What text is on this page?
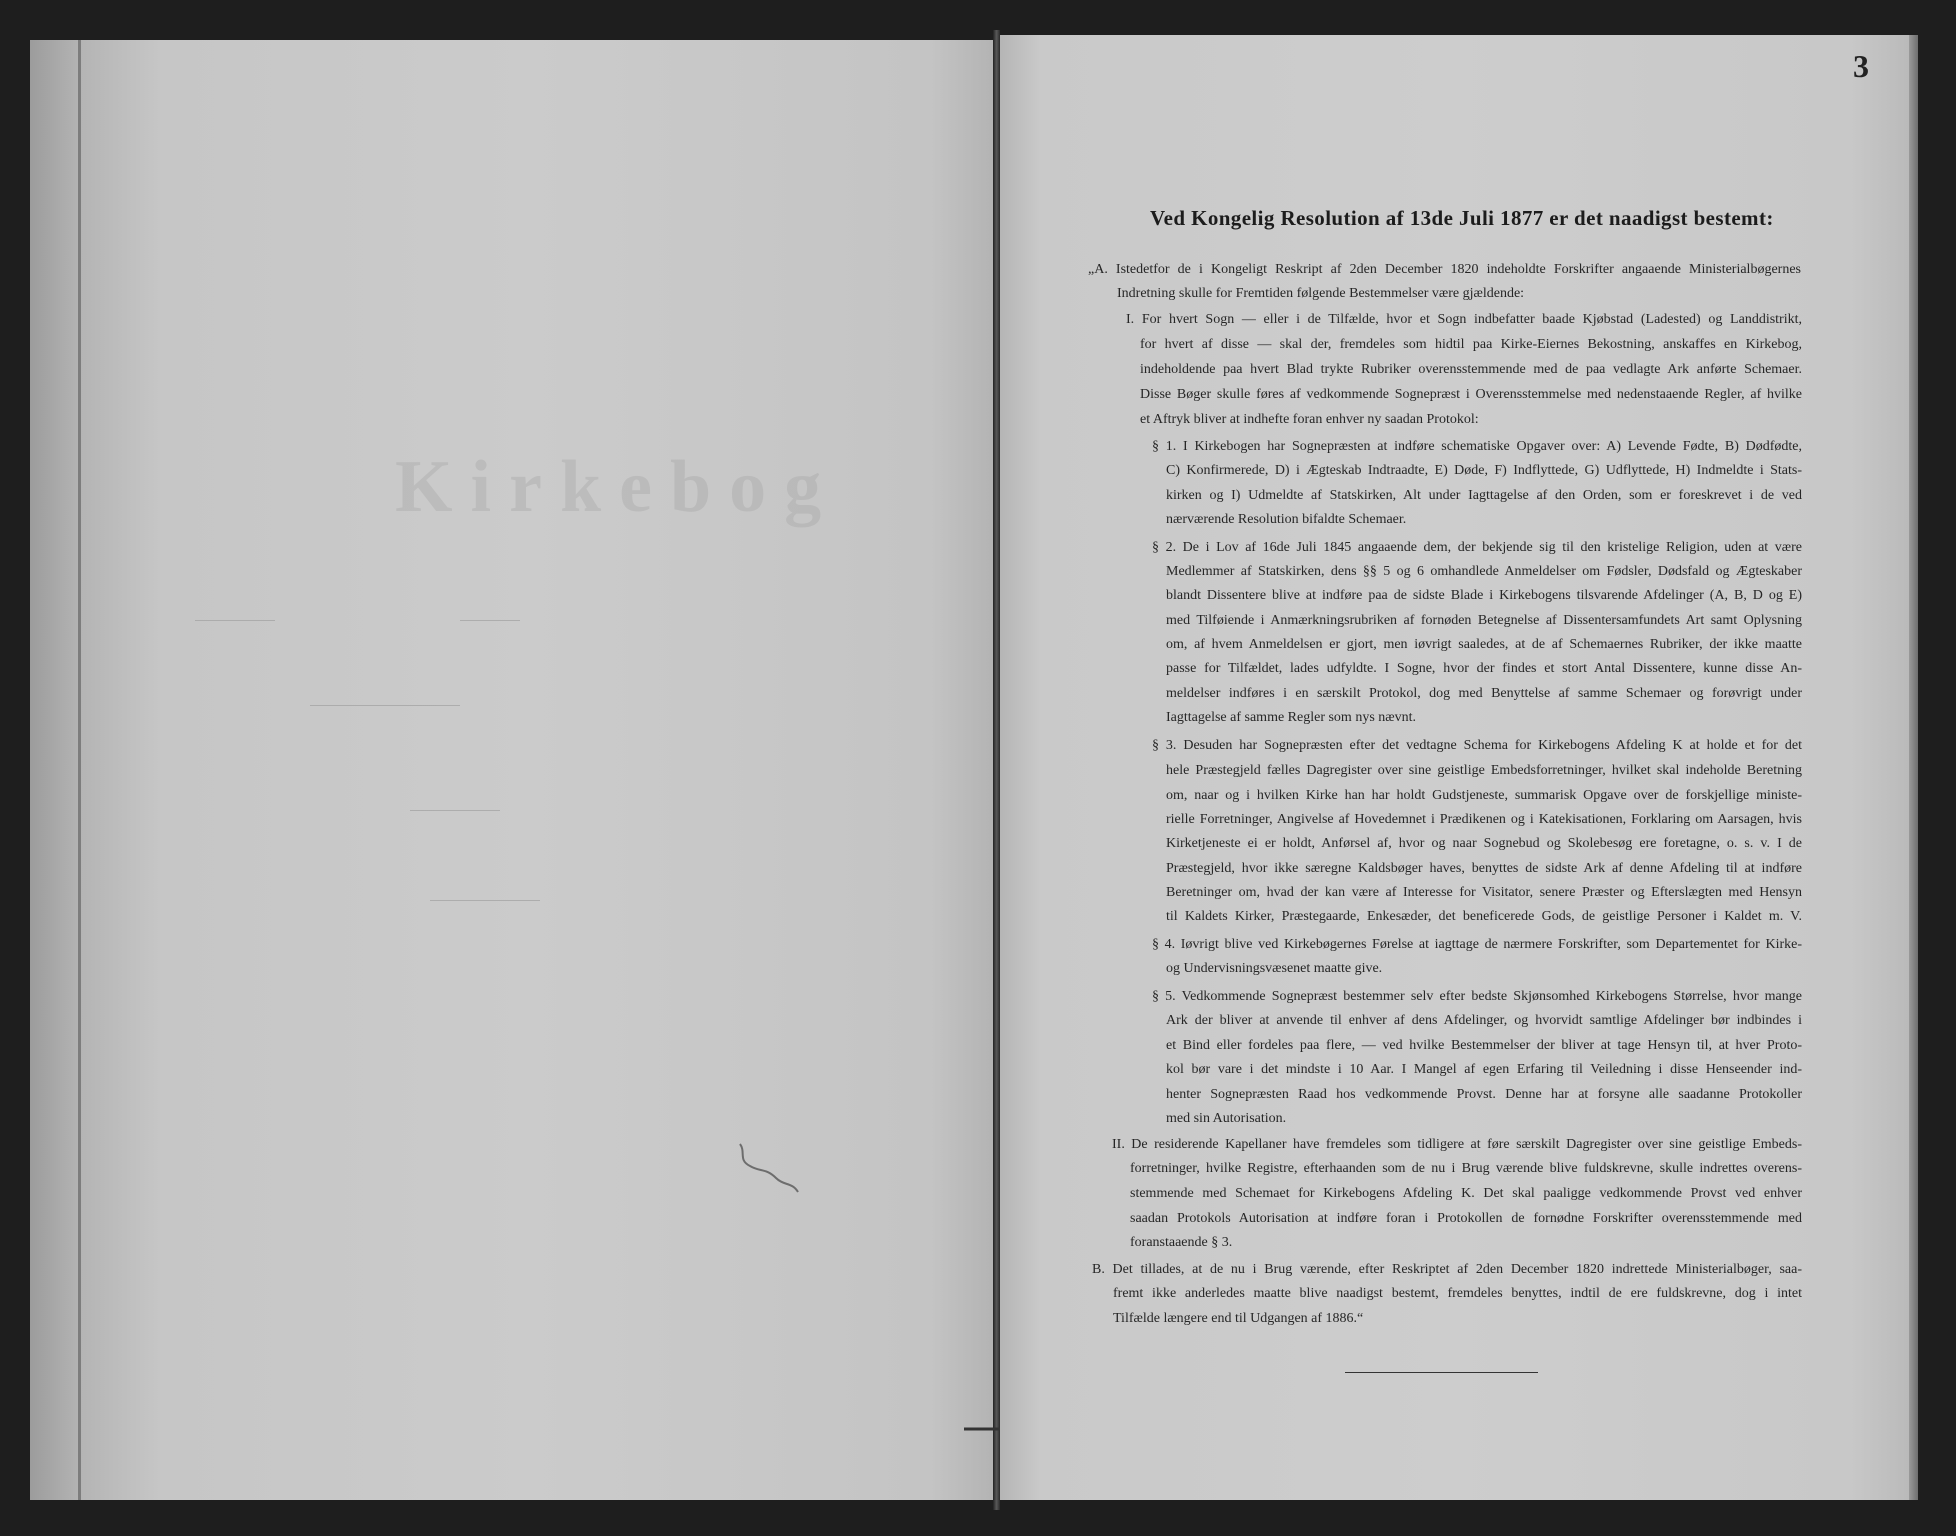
Kirkebog
3
Ved Kongelig Resolution af 13de Juli 1877 er det naadigst bestemt:
„A. Istedetfor de i Kongeligt Reskript af 2den December 1820 indeholdte Forskrifter angaaende Ministerialbøgernes
Indretning skulle for Fremtiden følgende Bestemmelser være gjældende:
I. For hvert Sogn — eller i de Tilfælde, hvor et Sogn indbefatter baade Kjøbstad (Ladested) og Landdistrikt,
for hvert af disse — skal der, fremdeles som hidtil paa Kirke-Eiernes Bekostning, anskaffes en Kirkebog,
indeholdende paa hvert Blad trykte Rubriker overensstemmende med de paa vedlagte Ark anførte Schemaer.
Disse Bøger skulle føres af vedkommende Sognepræst i Overensstemmelse med nedenstaaende Regler, af hvilke
et Aftryk bliver at indhefte foran enhver ny saadan Protokol:
§ 1. I Kirkebogen har Sognepræsten at indføre schematiske Opgaver over: A) Levende Fødte, B) Dødfødte,
C) Konfirmerede, D) i Ægteskab Indtraadte, E) Døde, F) Indflyttede, G) Udflyttede, H) Indmeldte i Stats-
kirken og I) Udmeldte af Statskirken, Alt under Iagttagelse af den Orden, som er foreskrevet i de ved
nærværende Resolution bifaldte Schemaer.
§ 2. De i Lov af 16de Juli 1845 angaaende dem, der bekjende sig til den kristelige Religion, uden at være
Medlemmer af Statskirken, dens §§ 5 og 6 omhandlede Anmeldelser om Fødsler, Dødsfald og Ægteskaber
blandt Dissentere blive at indføre paa de sidste Blade i Kirkebogens tilsvarende Afdelinger (A, B, D og E)
med Tilføiende i Anmærkningsrubriken af fornøden Betegnelse af Dissentersamfundets Art samt Oplysning
om, af hvem Anmeldelsen er gjort, men iøvrigt saaledes, at de af Schemaernes Rubriker, der ikke maatte
passe for Tilfældet, lades udfyldte. I Sogne, hvor der findes et stort Antal Dissentere, kunne disse An-
meldelser indføres i en særskilt Protokol, dog med Benyttelse af samme Schemaer og forøvrigt under
Iagttagelse af samme Regler som nys nævnt.
§ 3. Desuden har Sognepræsten efter det vedtagne Schema for Kirkebogens Afdeling K at holde et for det
hele Præstegjeld fælles Dagregister over sine geistlige Embedsforretninger, hvilket skal indeholde Beretning
om, naar og i hvilken Kirke han har holdt Gudstjeneste, summarisk Opgave over de forskjellige ministe-
rielle Forretninger, Angivelse af Hovedemnet i Prædikenen og i Katekisationen, Forklaring om Aarsagen, hvis
Kirketjeneste ei er holdt, Anførsel af, hvor og naar Sognebud og Skolebesøg ere foretagne, o. s. v. I de
Præstegjeld, hvor ikke særegne Kaldsbøger haves, benyttes de sidste Ark af denne Afdeling til at indføre
Beretninger om, hvad der kan være af Interesse for Visitator, senere Præster og Efterslægten med Hensyn
til Kaldets Kirker, Præstegaarde, Enkesæder, det beneficerede Gods, de geistlige Personer i Kaldet m. V.
§ 4. Iøvrigt blive ved Kirkebøgernes Førelse at iagttage de nærmere Forskrifter, som Departementet for Kirke-
og Undervisningsvæsenet maatte give.
§ 5. Vedkommende Sognepræst bestemmer selv efter bedste Skjønsomhed Kirkebogens Størrelse, hvor mange
Ark der bliver at anvende til enhver af dens Afdelinger, og hvorvidt samtlige Afdelinger bør indbindes i
et Bind eller fordeles paa flere, — ved hvilke Bestemmelser der bliver at tage Hensyn til, at hver Proto-
kol bør vare i det mindste i 10 Aar. I Mangel af egen Erfaring til Veiledning i disse Henseender ind-
henter Sognepræsten Raad hos vedkommende Provst. Denne har at forsyne alle saadanne Protokoller
med sin Autorisation.
II. De residerende Kapellaner have fremdeles som tidligere at føre særskilt Dagregister over sine geistlige Embeds-
forretninger, hvilke Registre, efterhaanden som de nu i Brug værende blive fuldskrevne, skulle indrettes overens-
stemmende med Schemaet for Kirkebogens Afdeling K. Det skal paaligge vedkommende Provst ved enhver
saadan Protokols Autorisation at indføre foran i Protokollen de fornødne Forskrifter overensstemmende med
foranstaaende § 3.
B. Det tillades, at de nu i Brug værende, efter Reskriptet af 2den December 1820 indrettede Ministerialbøger, saa-
fremt ikke anderledes maatte blive naadigst bestemt, fremdeles benyttes, indtil de ere fuldskrevne, dog i intet
Tilfælde længere end til Udgangen af 1886.“
